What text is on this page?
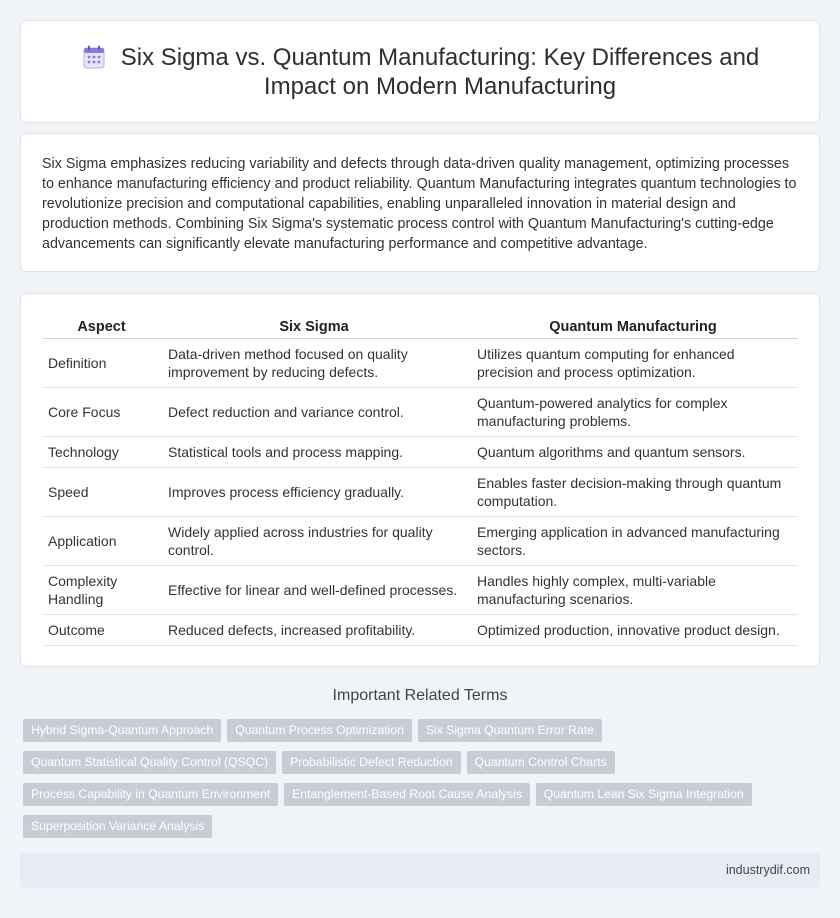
Six Sigma vs. Quantum Manufacturing: Key Differences and Impact on Modern Manufacturing

Six Sigma emphasizes reducing variability and defects through data-driven quality management, optimizing processes to enhance manufacturing efficiency and product reliability. Quantum Manufacturing integrates quantum technologies to revolutionize precision and computational capabilities, enabling unparalleled innovation in material design and production methods. Combining Six Sigma's systematic process control with Quantum Manufacturing's cutting-edge advancements can significantly elevate manufacturing performance and competitive advantage.

Aspect	Six Sigma	Quantum Manufacturing
Definition	Data-driven method focused on quality improvement by reducing defects.	Utilizes quantum computing for enhanced precision and process optimization.
Core Focus	Defect reduction and variance control.	Quantum-powered analytics for complex manufacturing problems.
Technology	Statistical tools and process mapping.	Quantum algorithms and quantum sensors.
Speed	Improves process efficiency gradually.	Enables faster decision-making through quantum computation.
Application	Widely applied across industries for quality control.	Emerging application in advanced manufacturing sectors.
Complexity Handling	Effective for linear and well-defined processes.	Handles highly complex, multi-variable manufacturing scenarios.
Outcome	Reduced defects, increased profitability.	Optimized production, innovative product design.
Important Related Terms
Hybrid Sigma-Quantum Approach	Quantum Process Optimization	Six Sigma Quantum Error Rate
Quantum Statistical Quality Control (QSQC)	Probabilistic Defect Reduction	Quantum Control Charts
Process Capability in Quantum Environment	Entanglement-Based Root Cause Analysis	Quantum Lean Six Sigma Integration
Superposition Variance Analysis
industrydif.com
